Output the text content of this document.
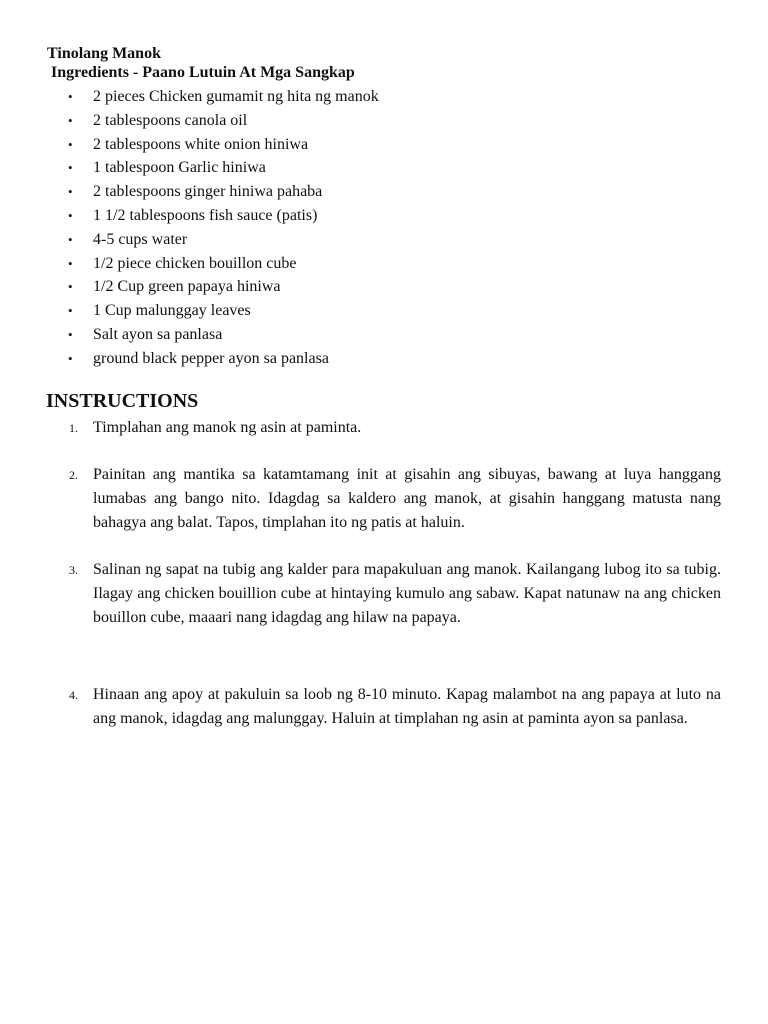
Tinolang Manok
Ingredients - Paano Lutuin At Mga Sangkap
• 2 pieces Chicken gumamit ng hita ng manok
• 2 tablespoons canola oil
• 2 tablespoons white onion hiniwa
• 1 tablespoon Garlic hiniwa
• 2 tablespoons ginger hiniwa pahaba
• 1 1/2 tablespoons fish sauce (patis)
• 4-5 cups water
• 1/2 piece chicken bouillon cube
• 1/2 Cup green papaya hiniwa
• 1 Cup malunggay leaves
• Salt ayon sa panlasa
• ground black pepper ayon sa panlasa
INSTRUCTIONS
1. Timplahan ang manok ng asin at paminta.

2. Painitan ang mantika sa katamtamang init at gisahin ang sibuyas, bawang at luya hanggang lumabas ang bango nito. Idagdag sa kaldero ang manok, at gisahin hanggang matusta nang bahagya ang balat. Tapos, timplahan ito ng patis at haluin.

3. Salinan ng sapat na tubig ang kalder para mapakuluan ang manok. Kailangang lubog ito sa tubig. Ilagay ang chicken bouillion cube at hintaying kumulo ang sabaw. Kapat natunaw na ang chicken bouillon cube, maaari nang idagdag ang hilaw na papaya.

4. Hinaan ang apoy at pakuluin sa loob ng 8-10 minuto. Kapag malambot na ang papaya at luto na ang manok, idagdag ang malunggay. Haluin at timplahan ng asin at paminta ayon sa panlasa.
